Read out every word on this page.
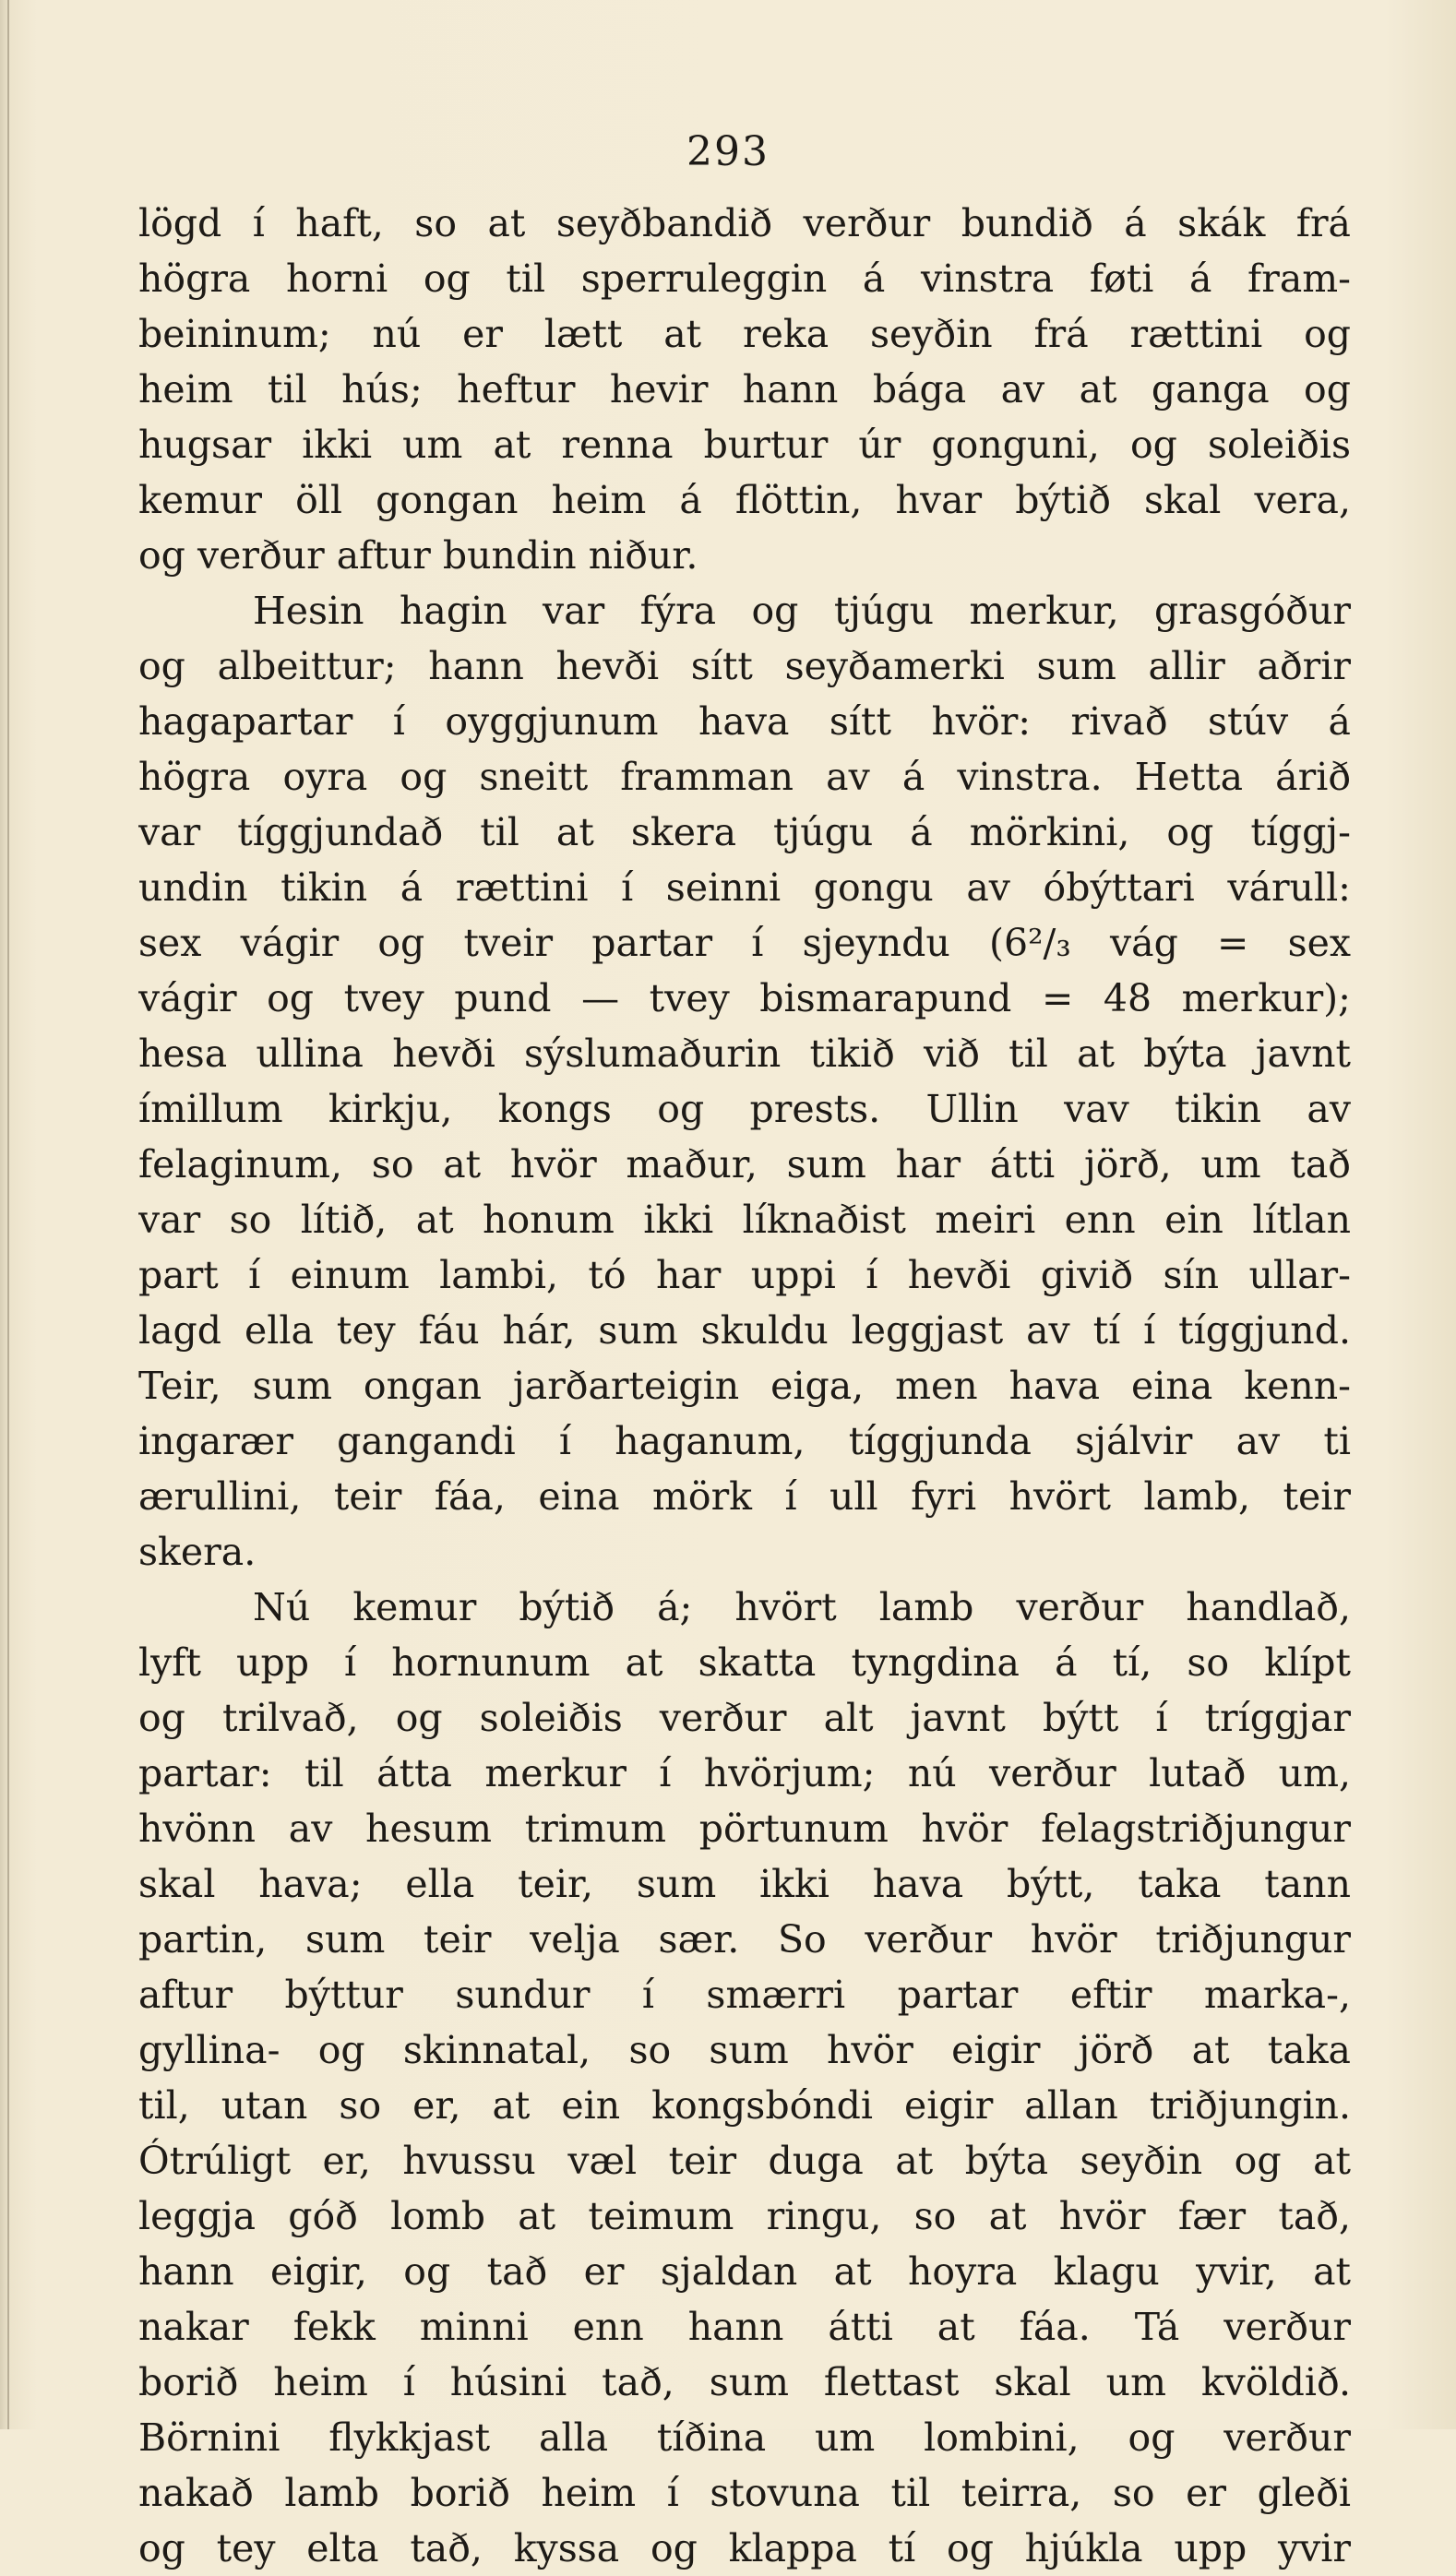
293
lögd í haft, so at seyðbandið verður bundið á skák frá
högra horni og til sperruleggin á vinstra føti á fram-
beininum; nú er lætt at reka seyðin frá rættini og
heim til hús; heftur hevir hann bága av at ganga og
hugsar ikki um at renna burtur úr gonguni, og soleiðis
kemur öll gongan heim á flöttin, hvar býtið skal vera,
og verður aftur bundin niður.
Hesin hagin var fýra og tjúgu merkur, grasgóður
og albeittur; hann hevði sítt seyðamerki sum allir aðrir
hagapartar í oyggjunum hava sítt hvör: rivað stúv á
högra oyra og sneitt framman av á vinstra. Hetta árið
var tíggjundað til at skera tjúgu á mörkini, og tíggj-
undin tikin á rættini í seinni gongu av óbýttari várull:
sex vágir og tveir partar í sjeyndu (6²/₃ vág = sex
vágir og tvey pund — tvey bismarapund = 48 merkur);
hesa ullina hevði sýslumaðurin tikið við til at býta javnt
ímillum kirkju, kongs og prests. Ullin vav tikin av
felaginum, so at hvör maður, sum har átti jörð, um tað
var so lítið, at honum ikki líknaðist meiri enn ein lítlan
part í einum lambi, tó har uppi í hevði givið sín ullar-
lagd ella tey fáu hár, sum skuldu leggjast av tí í tíggjund.
Teir, sum ongan jarðarteigin eiga, men hava eina kenn-
ingarær gangandi í haganum, tíggjunda sjálvir av ti
ærullini, teir fáa, eina mörk í ull fyri hvört lamb, teir
skera.
Nú kemur býtið á; hvört lamb verður handlað,
lyft upp í hornunum at skatta tyngdina á tí, so klípt
og trilvað, og soleiðis verður alt javnt býtt í tríggjar
partar: til átta merkur í hvörjum; nú verður lutað um,
hvönn av hesum trimum pörtunum hvör felagstriðjungur
skal hava; ella teir, sum ikki hava býtt, taka tann
partin, sum teir velja sær. So verður hvör triðjungur
aftur býttur sundur í smærri partar eftir marka-,
gyllina- og skinnatal, so sum hvör eigir jörð at taka
til, utan so er, at ein kongsbóndi eigir allan triðjungin.
Ótrúligt er, hvussu væl teir duga at býta seyðin og at
leggja góð lomb at teimum ringu, so at hvör fær tað,
hann eigir, og tað er sjaldan at hoyra klagu yvir, at
nakar fekk minni enn hann átti at fáa. Tá verður
borið heim í húsini tað, sum flettast skal um kvöldið.
Börnini flykkjast alla tíðina um lombini, og verður
nakað lamb borið heim í stovuna til teirra, so er gleði
og tey elta tað, kyssa og klappa tí og hjúkla upp yvir
